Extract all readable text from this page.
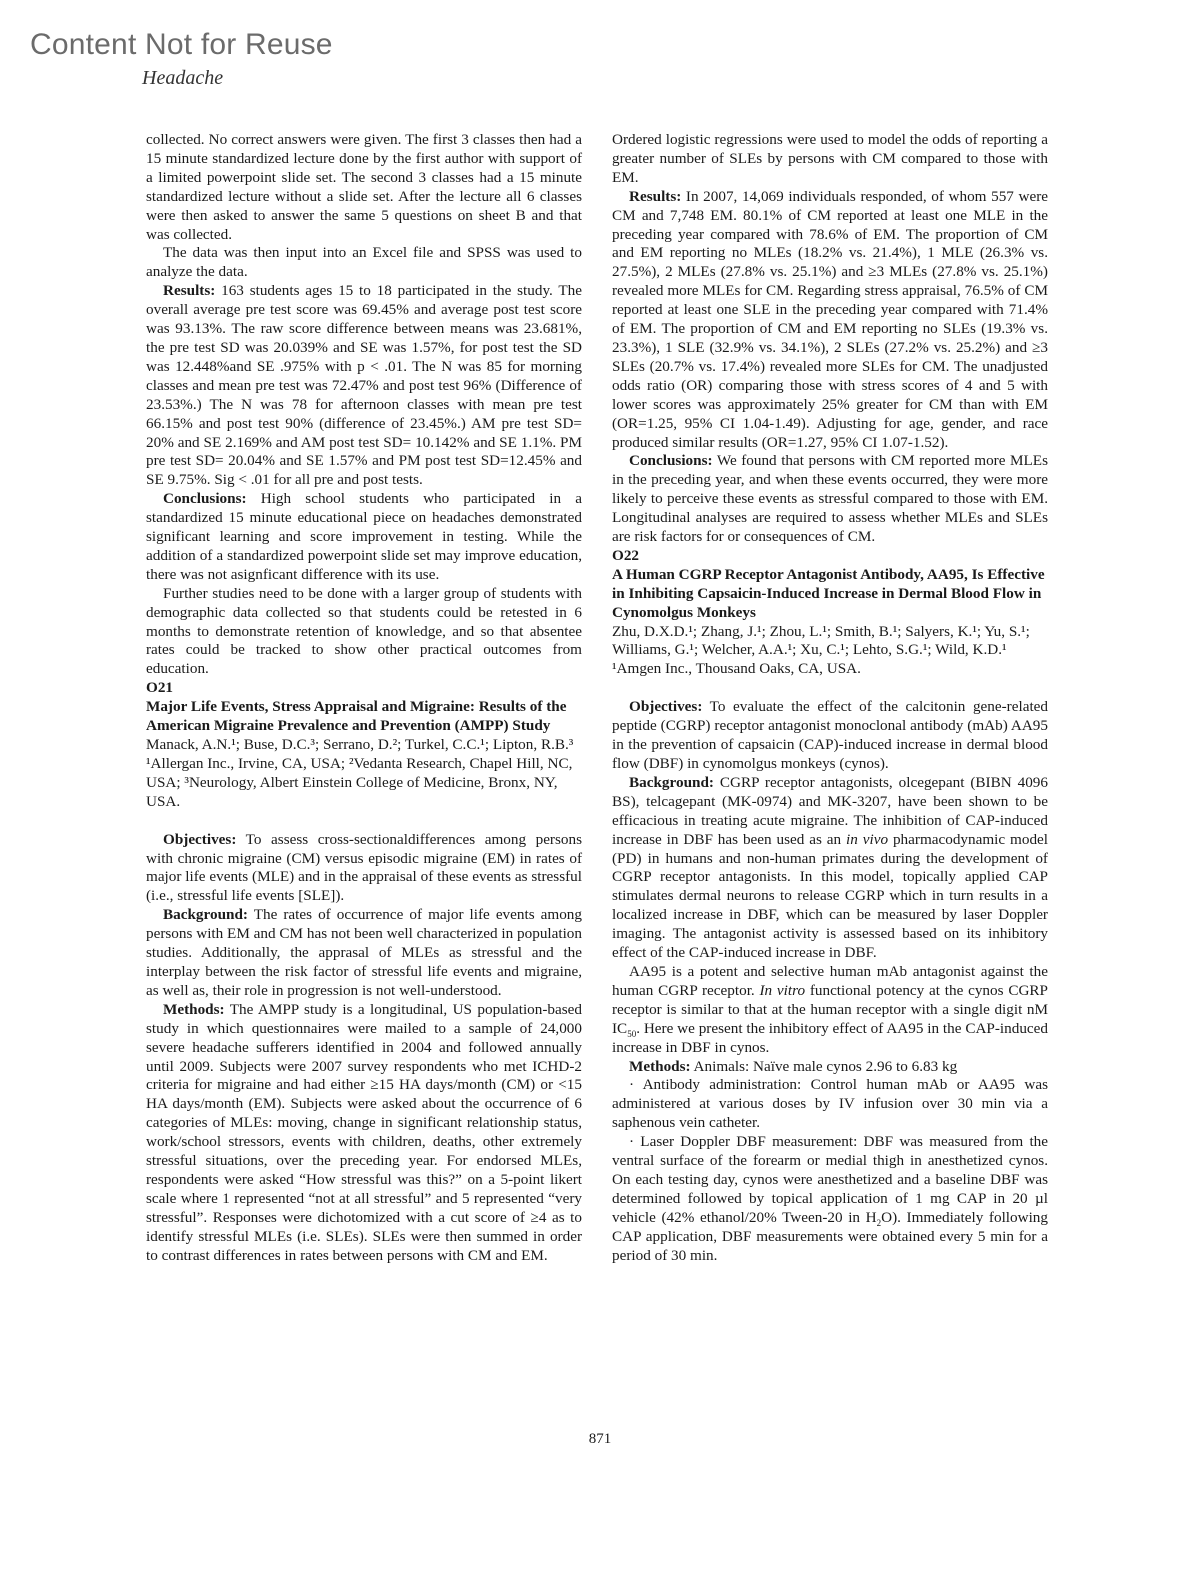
Content Not for Reuse
Headache

collected. No correct answers were given. The first 3 classes then had a 15 minute standardized lecture done by the first author with support of a limited powerpoint slide set. The second 3 classes had a 15 minute standardized lecture without a slide set. After the lecture all 6 classes were then asked to answer the same 5 questions on sheet B and that was collected.

The data was then input into an Excel file and SPSS was used to analyze the data.

Results: 163 students ages 15 to 18 participated in the study. The overall average pre test score was 69.45% and average post test score was 93.13%. The raw score difference between means was 23.681%, the pre test SD was 20.039% and SE was 1.57%, for post test the SD was 12.448%and SE .975% with p < .01. The N was 85 for morning classes and mean pre test was 72.47% and post test 96% (Difference of 23.53%.) The N was 78 for afternoon classes with mean pre test 66.15% and post test 90% (difference of 23.45%.) AM pre test SD= 20% and SE 2.169% and AM post test SD= 10.142% and SE 1.1%. PM pre test SD= 20.04% and SE 1.57% and PM post test SD=12.45% and SE 9.75%. Sig < .01 for all pre and post tests.

Conclusions: High school students who participated in a standardized 15 minute educational piece on headaches demonstrated significant learning and score improvement in testing. While the addition of a standardized powerpoint slide set may improve education, there was not asignficant difference with its use.

Further studies need to be done with a larger group of students with demographic data collected so that students could be retested in 6 months to demonstrate retention of knowledge, and so that absentee rates could be tracked to show other practical outcomes from education.

O21

Major Life Events, Stress Appraisal and Migraine: Results of the American Migraine Prevalence and Prevention (AMPP) Study

Manack, A.N.¹; Buse, D.C.³; Serrano, D.²; Turkel, C.C.¹; Lipton, R.B.³

¹Allergan Inc., Irvine, CA, USA; ²Vedanta Research, Chapel Hill, NC, USA; ³Neurology, Albert Einstein College of Medicine, Bronx, NY, USA.

Objectives: To assess cross-sectionaldifferences among persons with chronic migraine (CM) versus episodic migraine (EM) in rates of major life events (MLE) and in the appraisal of these events as stressful (i.e., stressful life events [SLE]).

Background: The rates of occurrence of major life events among persons with EM and CM has not been well characterized in population studies. Additionally, the apprasal of MLEs as stressful and the interplay between the risk factor of stressful life events and migraine, as well as, their role in progression is not well-understood.

Methods: The AMPP study is a longitudinal, US population-based study in which questionnaires were mailed to a sample of 24,000 severe headache sufferers identified in 2004 and followed annually until 2009. Subjects were 2007 survey respondents who met ICHD-2 criteria for migraine and had either ≥15 HA days/month (CM) or <15 HA days/month (EM). Subjects were asked about the occurrence of 6 categories of MLEs: moving, change in significant relationship status, work/school stressors, events with children, deaths, other extremely stressful situations, over the preceding year. For endorsed MLEs, respondents were asked “How stressful was this?” on a 5-point likert scale where 1 represented “not at all stressful” and 5 represented “very stressful”. Responses were dichotomized with a cut score of ≥4 as to identify stressful MLEs (i.e. SLEs). SLEs were then summed in order to contrast differences in rates between persons with CM and EM.

Ordered logistic regressions were used to model the odds of reporting a greater number of SLEs by persons with CM compared to those with EM.

Results: In 2007, 14,069 individuals responded, of whom 557 were CM and 7,748 EM. 80.1% of CM reported at least one MLE in the preceding year compared with 78.6% of EM. The proportion of CM and EM reporting no MLEs (18.2% vs. 21.4%), 1 MLE (26.3% vs. 27.5%), 2 MLEs (27.8% vs. 25.1%) and ≥3 MLEs (27.8% vs. 25.1%) revealed more MLEs for CM. Regarding stress appraisal, 76.5% of CM reported at least one SLE in the preceding year compared with 71.4% of EM. The proportion of CM and EM reporting no SLEs (19.3% vs. 23.3%), 1 SLE (32.9% vs. 34.1%), 2 SLEs (27.2% vs. 25.2%) and ≥3 SLEs (20.7% vs. 17.4%) revealed more SLEs for CM. The unadjusted odds ratio (OR) comparing those with stress scores of 4 and 5 with lower scores was approximately 25% greater for CM than with EM (OR=1.25, 95% CI 1.04-1.49). Adjusting for age, gender, and race produced similar results (OR=1.27, 95% CI 1.07-1.52).

Conclusions: We found that persons with CM reported more MLEs in the preceding year, and when these events occurred, they were more likely to perceive these events as stressful compared to those with EM. Longitudinal analyses are required to assess whether MLEs and SLEs are risk factors for or consequences of CM.

O22

A Human CGRP Receptor Antagonist Antibody, AA95, Is Effective in Inhibiting Capsaicin-Induced Increase in Dermal Blood Flow in Cynomolgus Monkeys

Zhu, D.X.D.¹; Zhang, J.¹; Zhou, L.¹; Smith, B.¹; Salyers, K.¹; Yu, S.¹; Williams, G.¹; Welcher, A.A.¹; Xu, C.¹; Lehto, S.G.¹; Wild, K.D.¹

¹Amgen Inc., Thousand Oaks, CA, USA.

Objectives: To evaluate the effect of the calcitonin gene-related peptide (CGRP) receptor antagonist monoclonal antibody (mAb) AA95 in the prevention of capsaicin (CAP)-induced increase in dermal blood flow (DBF) in cynomolgus monkeys (cynos).

Background: CGRP receptor antagonists, olcegepant (BIBN 4096 BS), telcagepant (MK-0974) and MK-3207, have been shown to be efficacious in treating acute migraine. The inhibition of CAP-induced increase in DBF has been used as an in vivo pharmacodynamic model (PD) in humans and non-human primates during the development of CGRP receptor antagonists. In this model, topically applied CAP stimulates dermal neurons to release CGRP which in turn results in a localized increase in DBF, which can be measured by laser Doppler imaging. The antagonist activity is assessed based on its inhibitory effect of the CAP-induced increase in DBF.

AA95 is a potent and selective human mAb antagonist against the human CGRP receptor. In vitro functional potency at the cynos CGRP receptor is similar to that at the human receptor with a single digit nM $IC_{50}$. Here we present the inhibitory effect of AA95 in the CAP-induced increase in DBF in cynos.

Methods: Animals: Naïve male cynos 2.96 to 6.83 kg

· Antibody administration: Control human mAb or AA95 was administered at various doses by IV infusion over 30 min via a saphenous vein catheter.

· Laser Doppler DBF measurement: DBF was measured from the ventral surface of the forearm or medial thigh in anesthetized cynos. On each testing day, cynos were anesthetized and a baseline DBF was determined followed by topical application of 1 mg CAP in 20 µl vehicle (42% ethanol/20% Tween-20 in $H_2O$). Immediately following CAP application, DBF measurements were obtained every 5 min for a period of 30 min.

871
